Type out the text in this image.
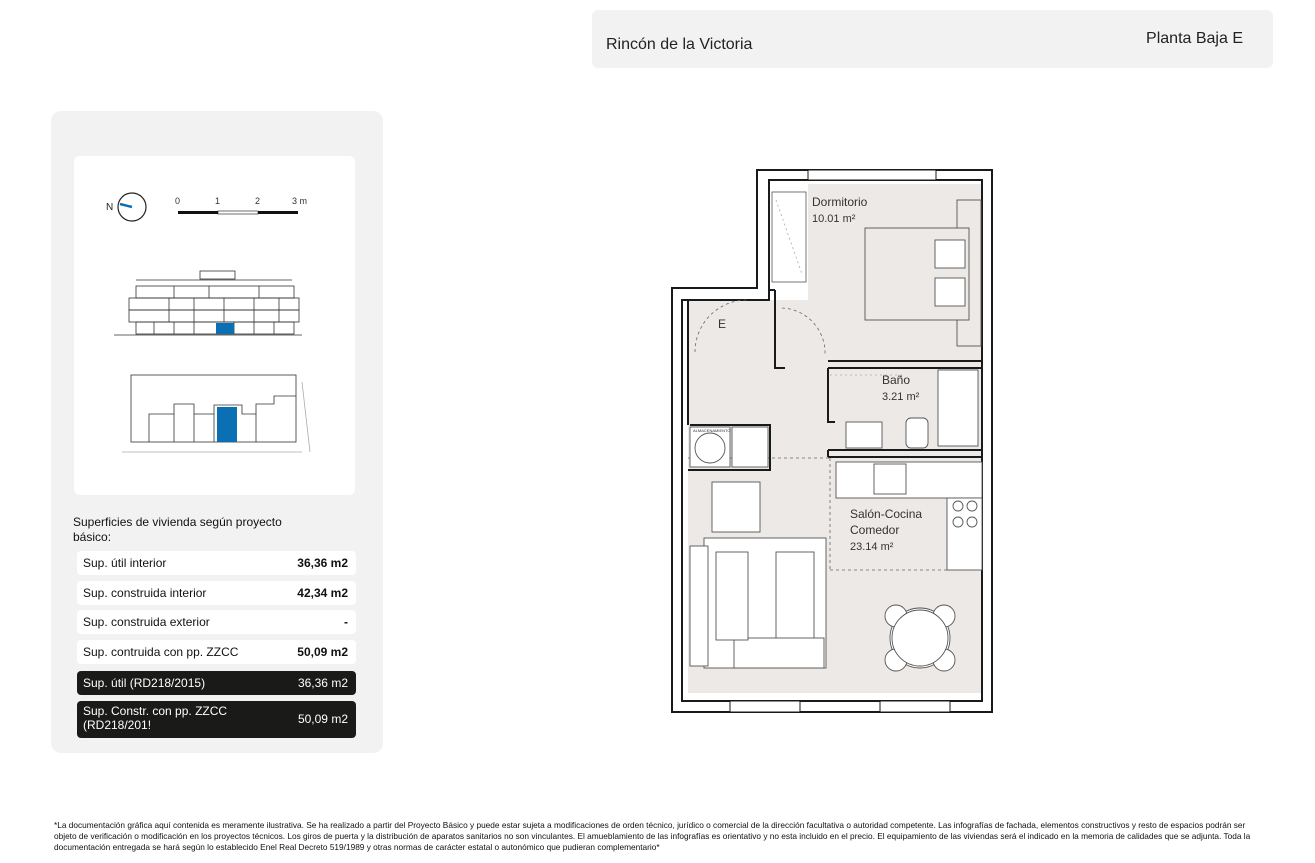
Rincón de la Victoria	Planta Baja E
N
0	1	2	3 m
Superficies de vivienda según proyecto básico:
Sup. útil interior	36,36 m2
Sup. construida interior	42,34 m2
Sup. construida exterior	-
Sup. contruida con pp. ZZCC	50,09 m2
Sup. útil (RD218/2015)	36,36 m2
Sup. Constr. con pp. ZZCC (RD218/201!	50,09 m2
Dormitorio
10.01 m²
Baño
3.21 m²
Salón-Cocina
Comedor
23.14 m²
E
ALMACENAMIENTO
*La documentación gráfica aquí contenida es meramente ilustrativa. Se ha realizado a partir del Proyecto Básico y puede estar sujeta a modificaciones de orden técnico, jurídico o comercial de la dirección facultativa o autoridad competente. Las infografías de fachada, elementos constructivos y resto de espacios podrán ser objeto de verificación o modificación en los proyectos técnicos. Los giros de puerta y la distribución de aparatos sanitarios no son vinculantes. El amueblamiento de las infografías es orientativo y no esta incluido en el precio. El equipamiento de las viviendas será el indicado en la memoria de calidades que se adjunta. Toda la documentación entregada se hará según lo establecido Enel Real Decreto 519/1989 y otras normas de carácter estatal o autonómico que pudieran complementario*
